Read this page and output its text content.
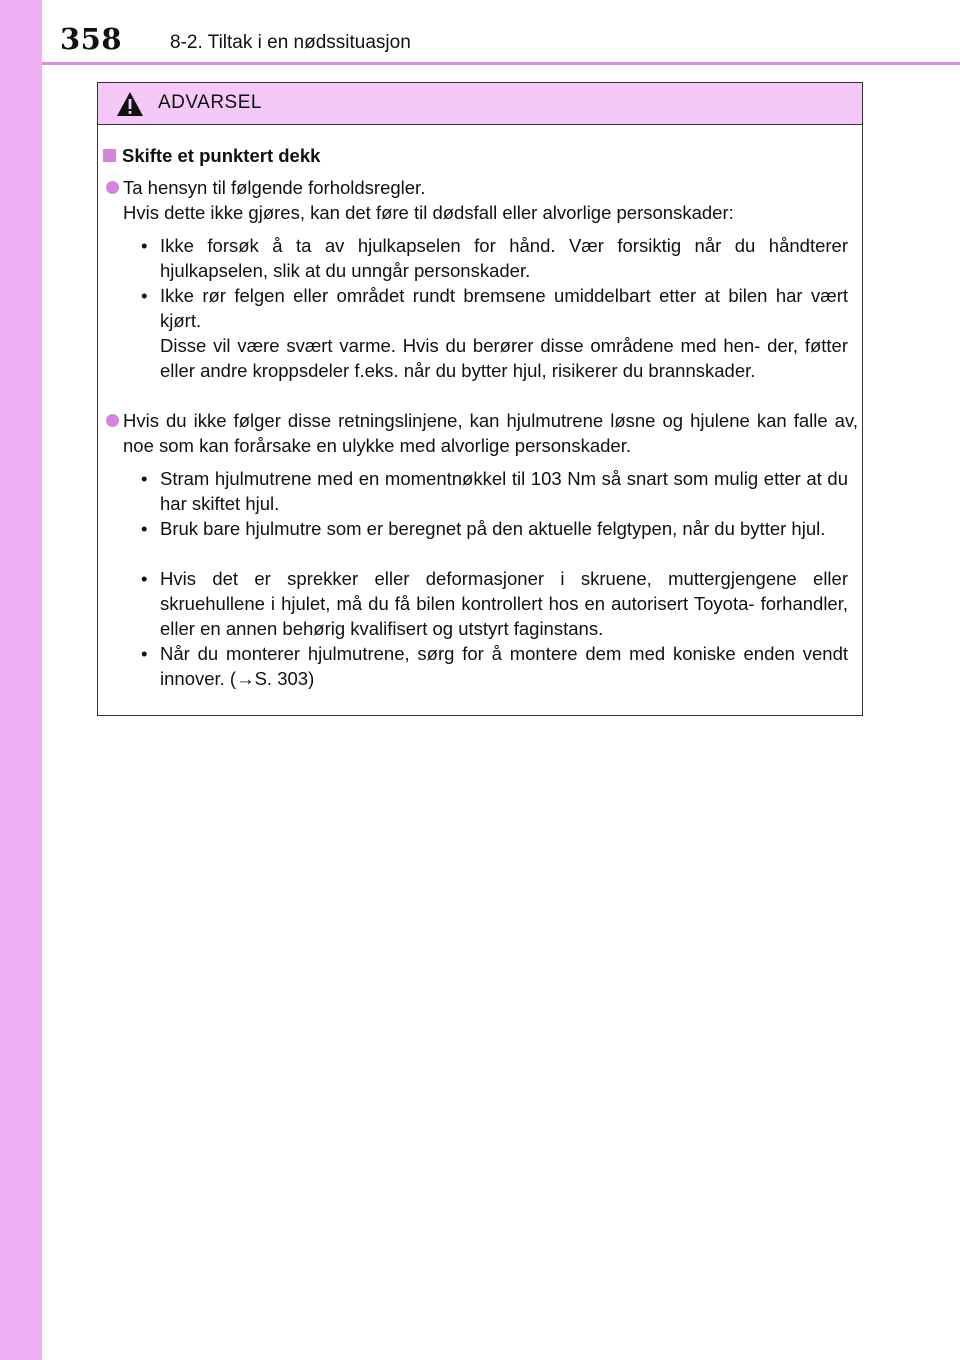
358	8-2. Tiltak i en nødssituasjon
ADVARSEL
Skifte et punktert dekk
Ta hensyn til følgende forholdsregler.
Hvis dette ikke gjøres, kan det føre til dødsfall eller alvorlige personskader:
• Ikke forsøk å ta av hjulkapselen for hånd. Vær forsiktig når du håndterer hjulkapselen, slik at du unngår personskader.
• Ikke rør felgen eller området rundt bremsene umiddelbart etter at bilen har vært kjørt.
Disse vil være svært varme. Hvis du berører disse områdene med hen- der, føtter eller andre kroppsdeler f.eks. når du bytter hjul, risikerer du brannskader.
Hvis du ikke følger disse retningslinjene, kan hjulmutrene løsne og hjulene kan falle av, noe som kan forårsake en ulykke med alvorlige personskader.
• Stram hjulmutrene med en momentnøkkel til 103 Nm så snart som mulig etter at du har skiftet hjul.
• Bruk bare hjulmutre som er beregnet på den aktuelle felgtypen, når du bytter hjul.
• Hvis det er sprekker eller deformasjoner i skruene, muttergjengene eller skruehullene i hjulet, må du få bilen kontrollert hos en autorisert Toyota- forhandler, eller en annen behørig kvalifisert og utstyrt faginstans.
• Når du monterer hjulmutrene, sørg for å montere dem med koniske enden vendt innover. (→S. 303)
